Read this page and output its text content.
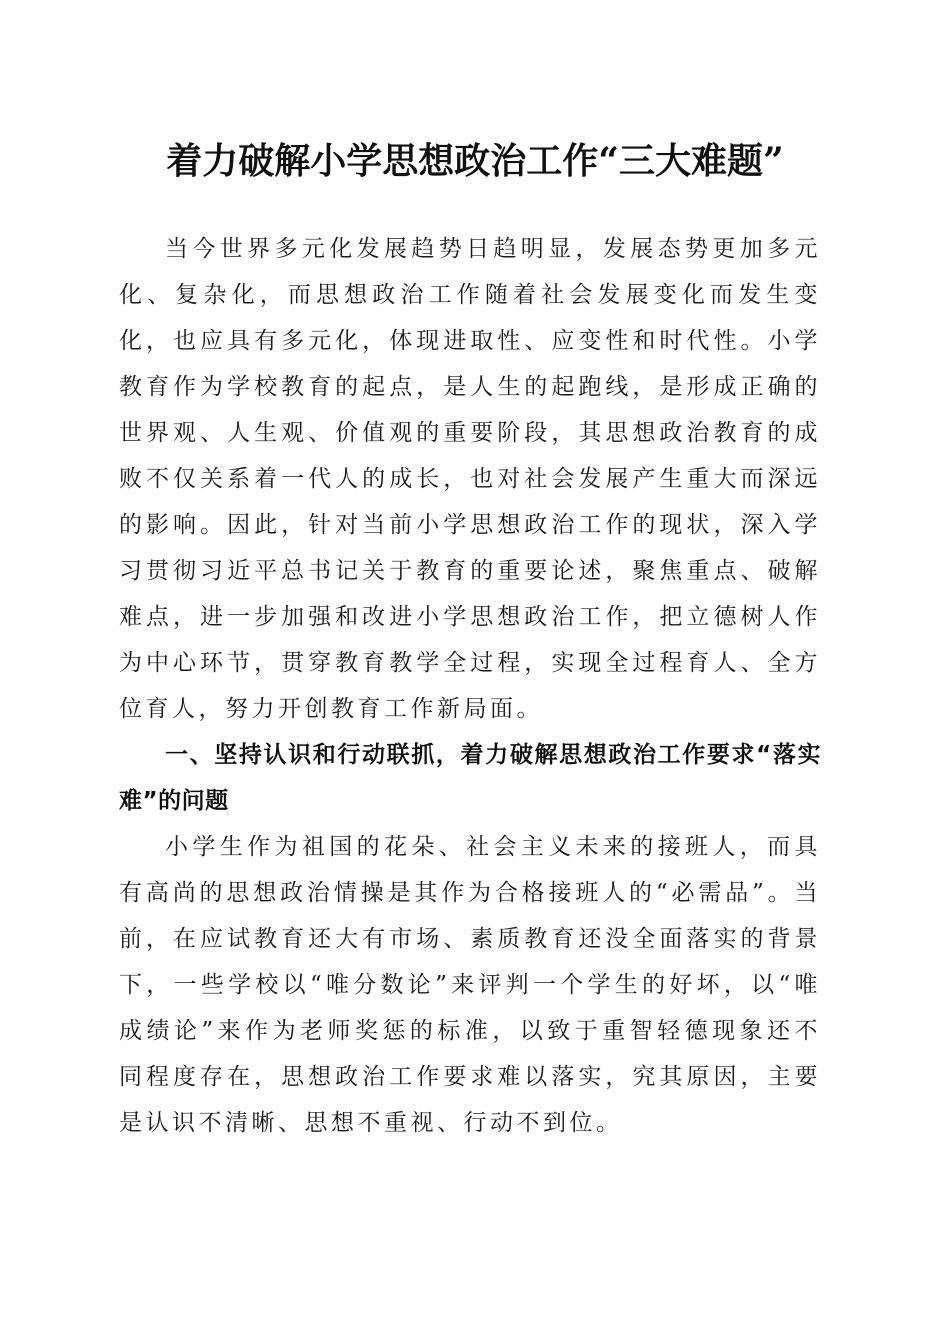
着力破解小学思想政治工作“三大难题”

当今世界多元化发展趋势日趋明显，发展态势更加多元化、复杂化，而思想政治工作随着社会发展变化而发生变化，也应具有多元化，体现进取性、应变性和时代性。小学教育作为学校教育的起点，是人生的起跑线，是形成正确的世界观、人生观、价值观的重要阶段，其思想政治教育的成败不仅关系着一代人的成长，也对社会发展产生重大而深远的影响。因此，针对当前小学思想政治工作的现状，深入学习贯彻习近平总书记关于教育的重要论述，聚焦重点、破解难点，进一步加强和改进小学思想政治工作，把立德树人作为中心环节，贯穿教育教学全过程，实现全过程育人、全方位育人，努力开创教育工作新局面。

一、坚持认识和行动联抓，着力破解思想政治工作要求“落实难”的问题

小学生作为祖国的花朵、社会主义未来的接班人，而具有高尚的思想政治情操是其作为合格接班人的“必需品”。当前，在应试教育还大有市场、素质教育还没全面落实的背景下，一些学校以“唯分数论”来评判一个学生的好坏，以“唯成绩论”来作为老师奖惩的标准，以致于重智轻德现象还不同程度存在，思想政治工作要求难以落实，究其原因，主要是认识不清晰、思想不重视、行动不到位。
